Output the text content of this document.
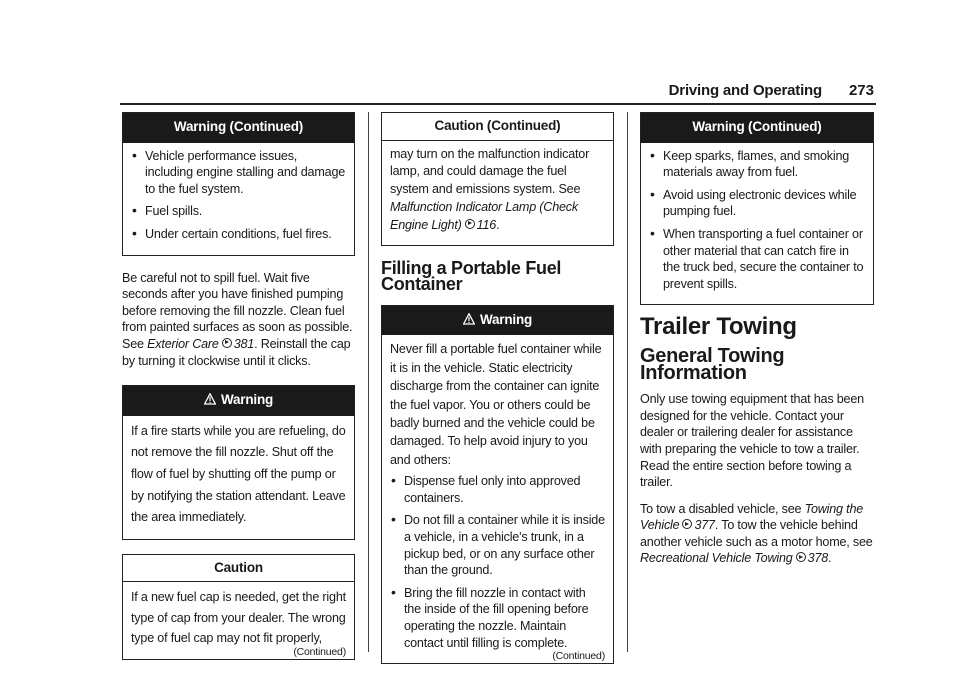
Driving and Operating 273
Warning (Continued)
• Vehicle performance issues, including engine stalling and damage to the fuel system.
• Fuel spills.
• Under certain conditions, fuel fires.

Be careful not to spill fuel. Wait five seconds after you have finished pumping before removing the fill nozzle. Clean fuel from painted surfaces as soon as possible. See Exterior Care 381. Reinstall the cap by turning it clockwise until it clicks.

Warning

If a fire starts while you are refueling, do not remove the fill nozzle. Shut off the flow of fuel by shutting off the pump or by notifying the station attendant. Leave the area immediately.

Caution

If a new fuel cap is needed, get the right type of cap from your dealer. The wrong type of fuel cap may not fit properly,

(Continued)
Caution (Continued)

may turn on the malfunction indicator lamp, and could damage the fuel system and emissions system. See Malfunction Indicator Lamp (Check Engine Light) 116.

Filling a Portable Fuel Container
Warning

Never fill a portable fuel container while it is in the vehicle. Static electricity discharge from the container can ignite the fuel vapor. You or others could be badly burned and the vehicle could be damaged. To help avoid injury to you and others:

• Dispense fuel only into approved containers.
• Do not fill a container while it is inside a vehicle, in a vehicle's trunk, in a pickup bed, or on any surface other than the ground.
• Bring the fill nozzle in contact with the inside of the fill opening before operating the nozzle. Maintain contact until filling is complete.
(Continued)
Warning (Continued)
• Keep sparks, flames, and smoking materials away from fuel.
• Avoid using electronic devices while pumping fuel.
• When transporting a fuel container or other material that can catch fire in the truck bed, secure the container to prevent spills.
Trailer Towing
General Towing Information

Only use towing equipment that has been designed for the vehicle. Contact your dealer or trailering dealer for assistance with preparing the vehicle to tow a trailer. Read the entire section before towing a trailer.

To tow a disabled vehicle, see Towing the Vehicle 377. To tow the vehicle behind another vehicle such as a motor home, see Recreational Vehicle Towing 378.
